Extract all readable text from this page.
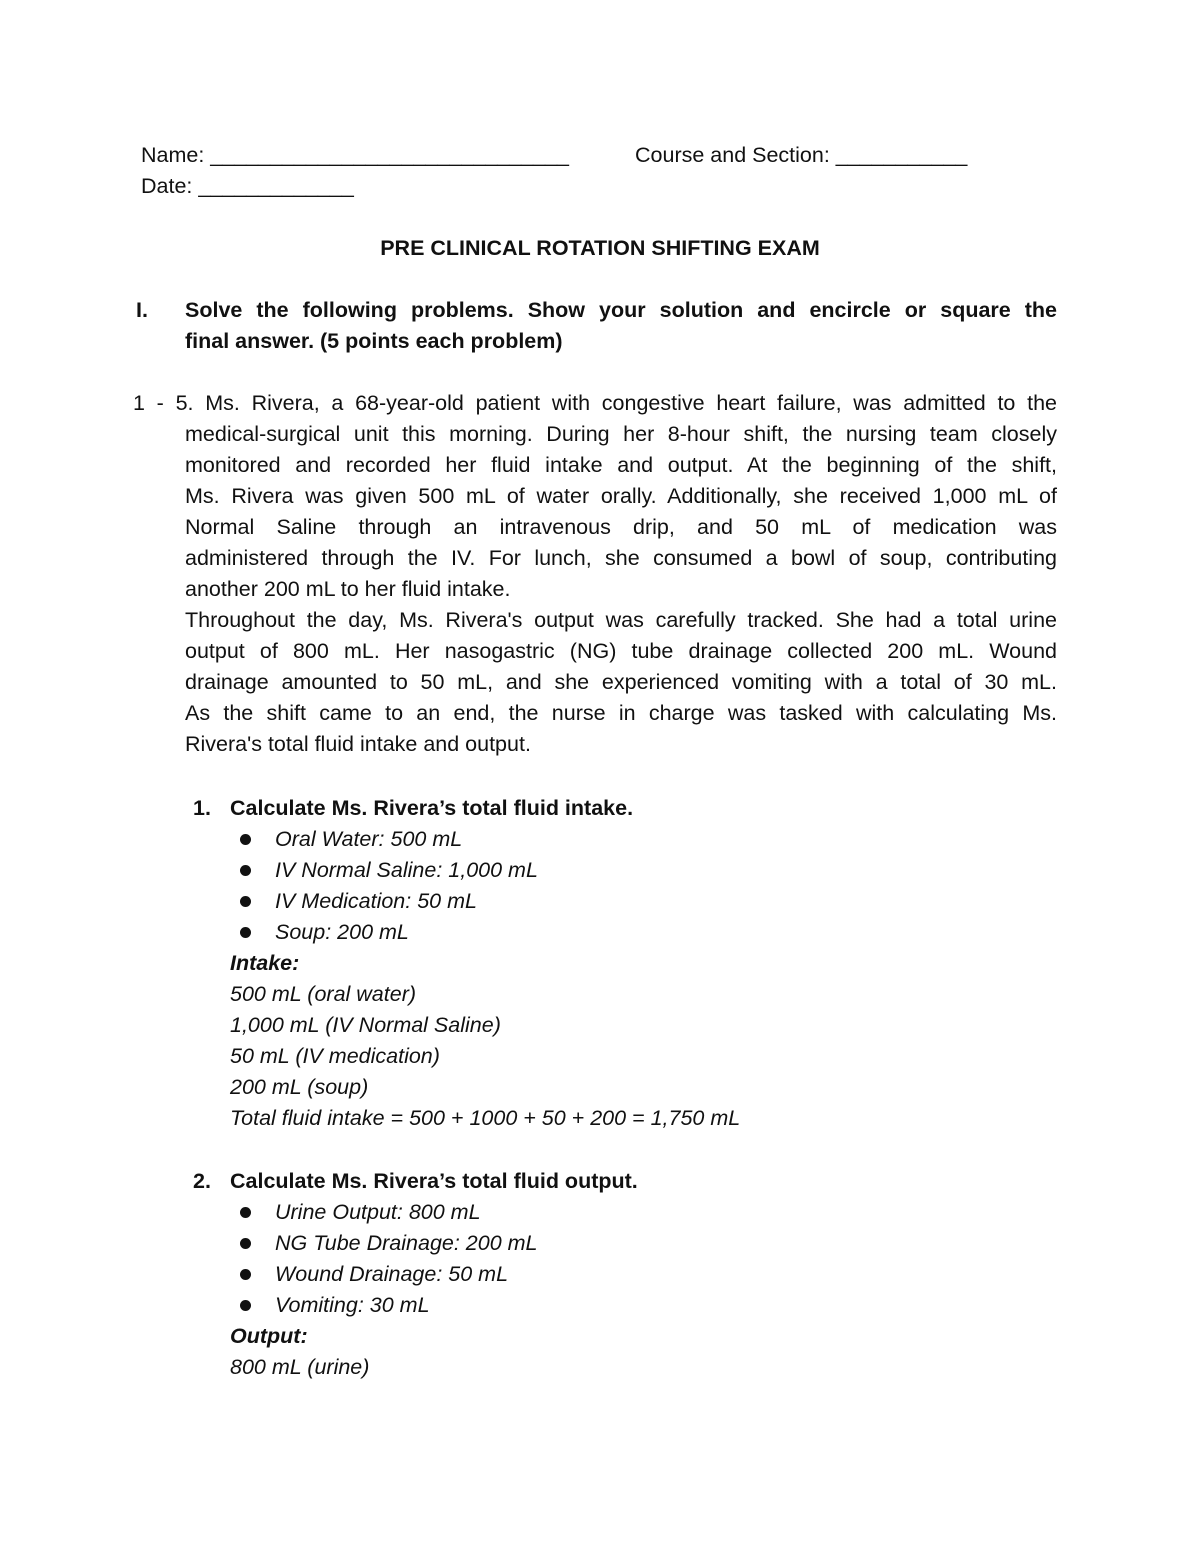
Name: ______________________________	Course and Section: ___________
Date: _____________
PRE CLINICAL ROTATION SHIFTING EXAM
I. Solve the following problems. Show your solution and encircle or square the
final answer. (5 points each problem)
1 - 5. Ms. Rivera, a 68-year-old patient with congestive heart failure, was admitted to the
medical-surgical unit this morning. During her 8-hour shift, the nursing team closely
monitored and recorded her fluid intake and output. At the beginning of the shift,
Ms. Rivera was given 500 mL of water orally. Additionally, she received 1,000 mL of
Normal Saline through an intravenous drip, and 50 mL of medication was
administered through the IV. For lunch, she consumed a bowl of soup, contributing
another 200 mL to her fluid intake.
Throughout the day, Ms. Rivera's output was carefully tracked. She had a total urine
output of 800 mL. Her nasogastric (NG) tube drainage collected 200 mL. Wound
drainage amounted to 50 mL, and she experienced vomiting with a total of 30 mL.
As the shift came to an end, the nurse in charge was tasked with calculating Ms.
Rivera's total fluid intake and output.
1. Calculate Ms. Rivera’s total fluid intake.
Oral Water: 500 mL
IV Normal Saline: 1,000 mL
IV Medication: 50 mL
Soup: 200 mL
Intake:
500 mL (oral water)
1,000 mL (IV Normal Saline)
50 mL (IV medication)
200 mL (soup)
Total fluid intake = 500 + 1000 + 50 + 200 = 1,750 mL
2. Calculate Ms. Rivera’s total fluid output.
Urine Output: 800 mL
NG Tube Drainage: 200 mL
Wound Drainage: 50 mL
Vomiting: 30 mL
Output:
800 mL (urine)
